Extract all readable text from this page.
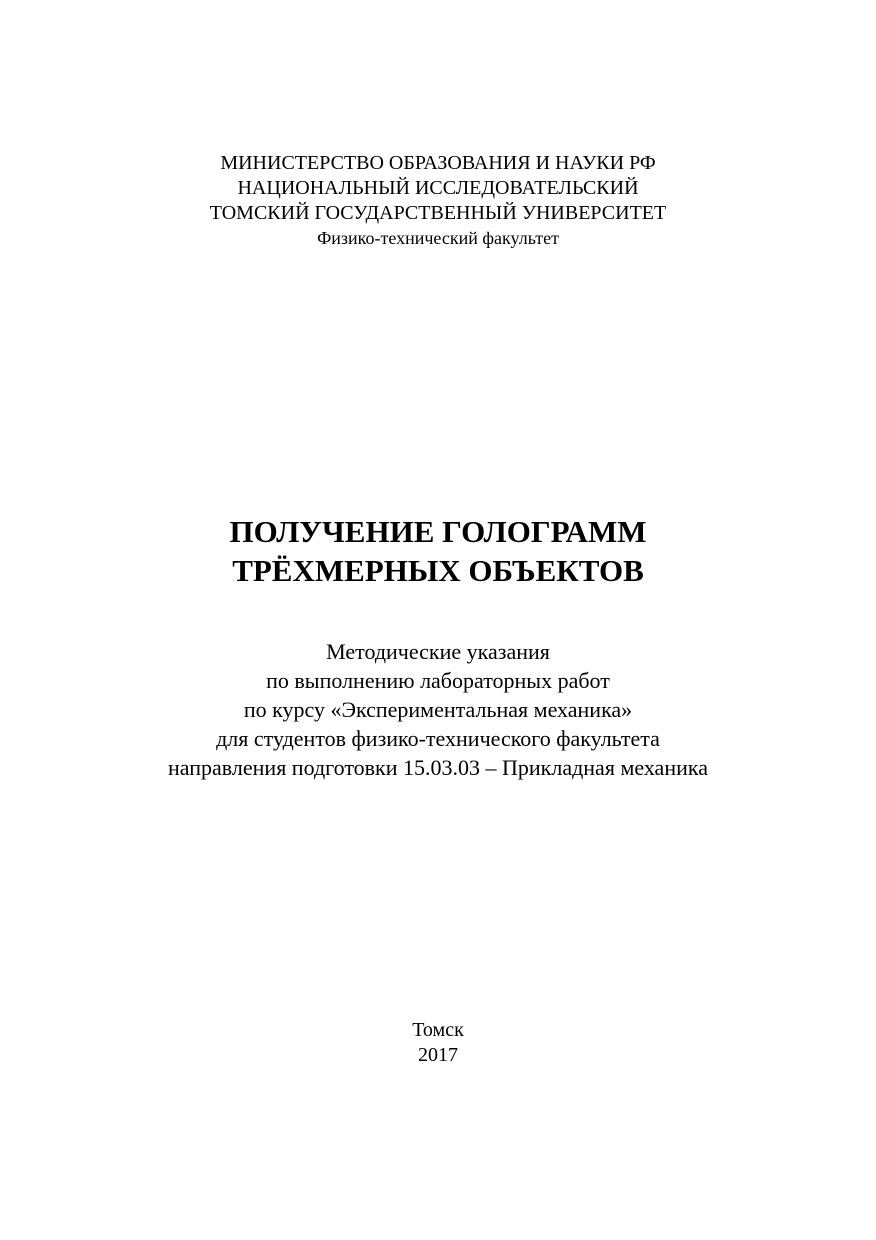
МИНИСТЕРСТВО ОБРАЗОВАНИЯ И НАУКИ РФ
НАЦИОНАЛЬНЫЙ ИССЛЕДОВАТЕЛЬСКИЙ
ТОМСКИЙ ГОСУДАРСТВЕННЫЙ УНИВЕРСИТЕТ
Физико-технический факультет
ПОЛУЧЕНИЕ ГОЛОГРАММ
ТРЁХМЕРНЫХ ОБЪЕКТОВ
Методические указания
по выполнению лабораторных работ
по курсу «Экспериментальная механика»
для студентов физико-технического факультета
направления подготовки 15.03.03 – Прикладная механика
Томск
2017
